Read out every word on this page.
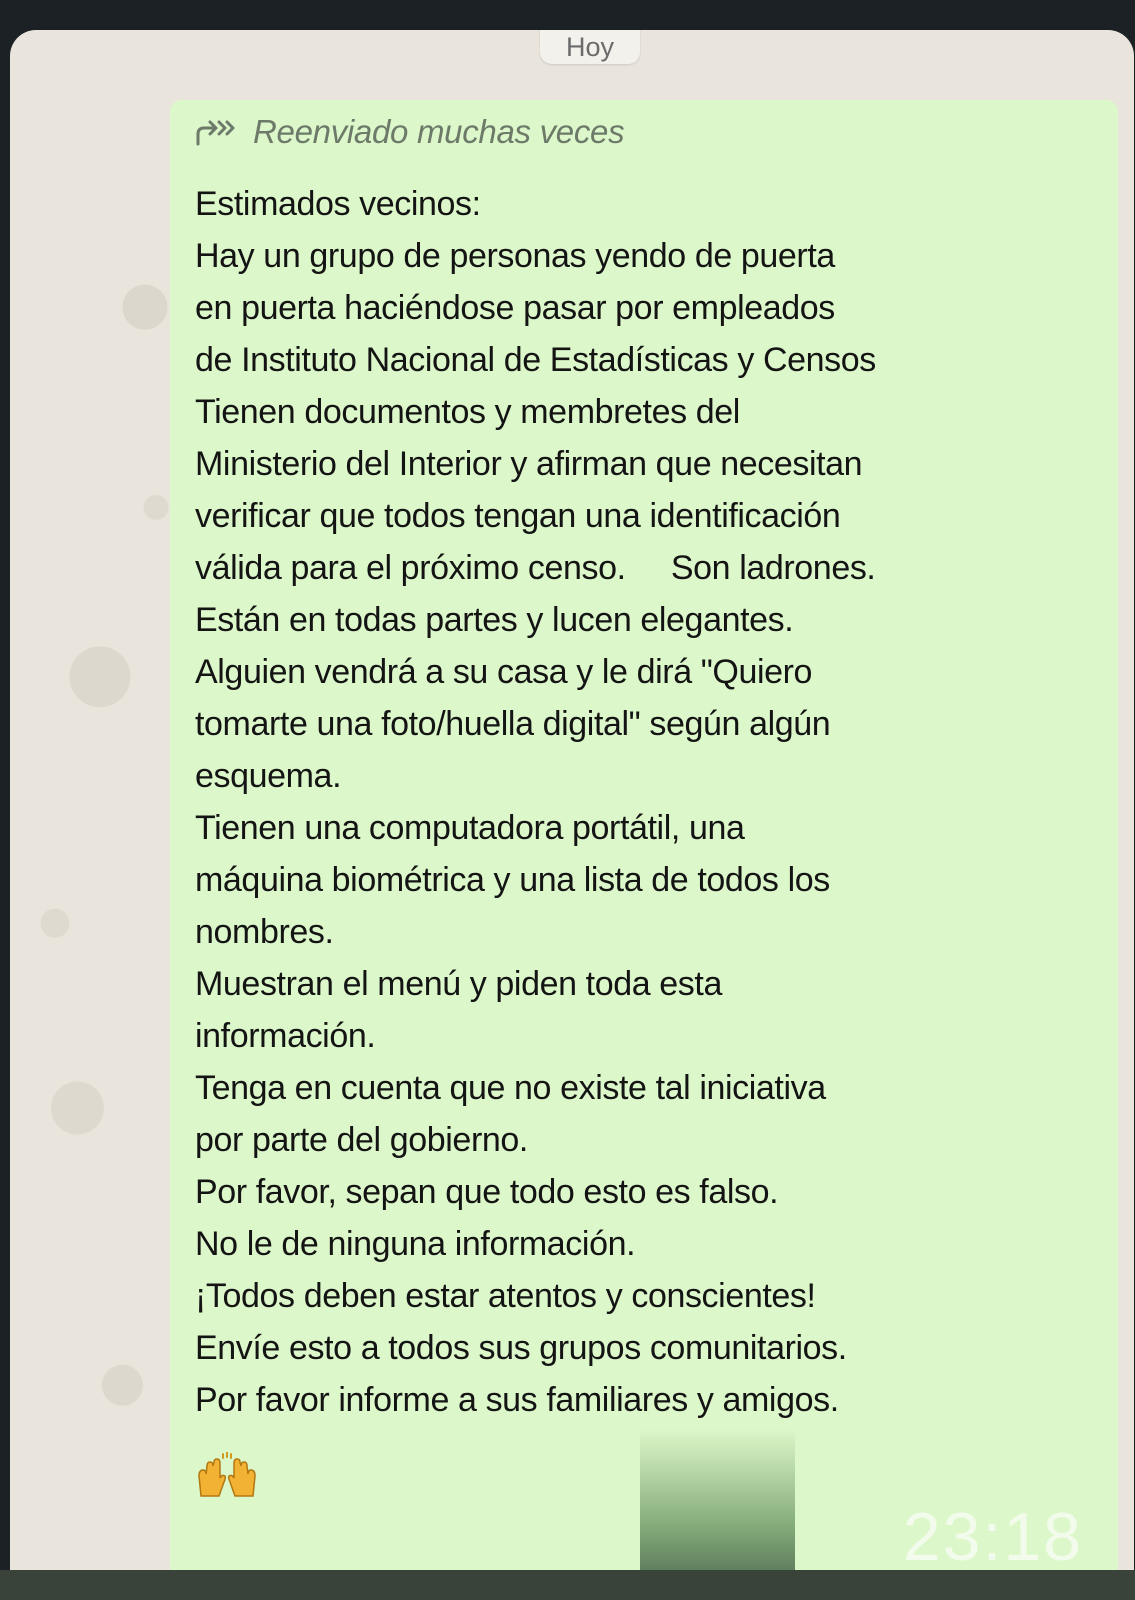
Hoy
Reenviado muchas veces
Estimados vecinos:
Hay un grupo de personas yendo de puerta
en puerta haciéndose pasar por empleados
de Instituto Nacional de Estadísticas y Censos
Tienen documentos y membretes del
Ministerio del Interior y afirman que necesitan
verificar que todos tengan una identificación
válida para el próximo censo.     Son ladrones.
Están en todas partes y lucen elegantes.
Alguien vendrá a su casa y le dirá "Quiero
tomarte una foto/huella digital" según algún
esquema.
Tienen una computadora portátil, una
máquina biométrica y una lista de todos los
nombres.
Muestran el menú y piden toda esta
información.
Tenga en cuenta que no existe tal iniciativa
por parte del gobierno.
Por favor, sepan que todo esto es falso.
No le de ninguna información.
¡Todos deben estar atentos y conscientes!
Envíe esto a todos sus grupos comunitarios.
Por favor informe a sus familiares y amigos.
23:18
